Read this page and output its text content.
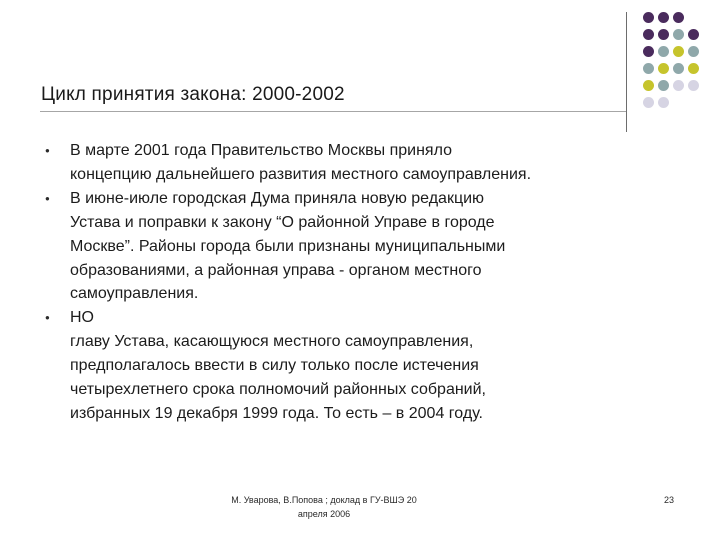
Цикл принятия закона: 2000-2002
● В марте 2001 года Правительство Москвы приняло
концепцию дальнейшего развития местного самоуправления.
● В июне-июле городская Дума приняла новую редакцию
Устава и поправки к закону “О районной Управе в городе
Москве”. Районы города были признаны муниципальными
образованиями, а районная управа - органом местного
самоуправления.
● НО
главу Устава, касающуюся местного самоуправления,
предполагалось ввести в силу только после истечения
четырехлетнего срока полномочий районных собраний,
избранных 19 декабря 1999 года. То есть – в 2004 году.
М. Уварова, В.Попова ; доклад в ГУ-ВШЭ 20
апреля 2006
23
